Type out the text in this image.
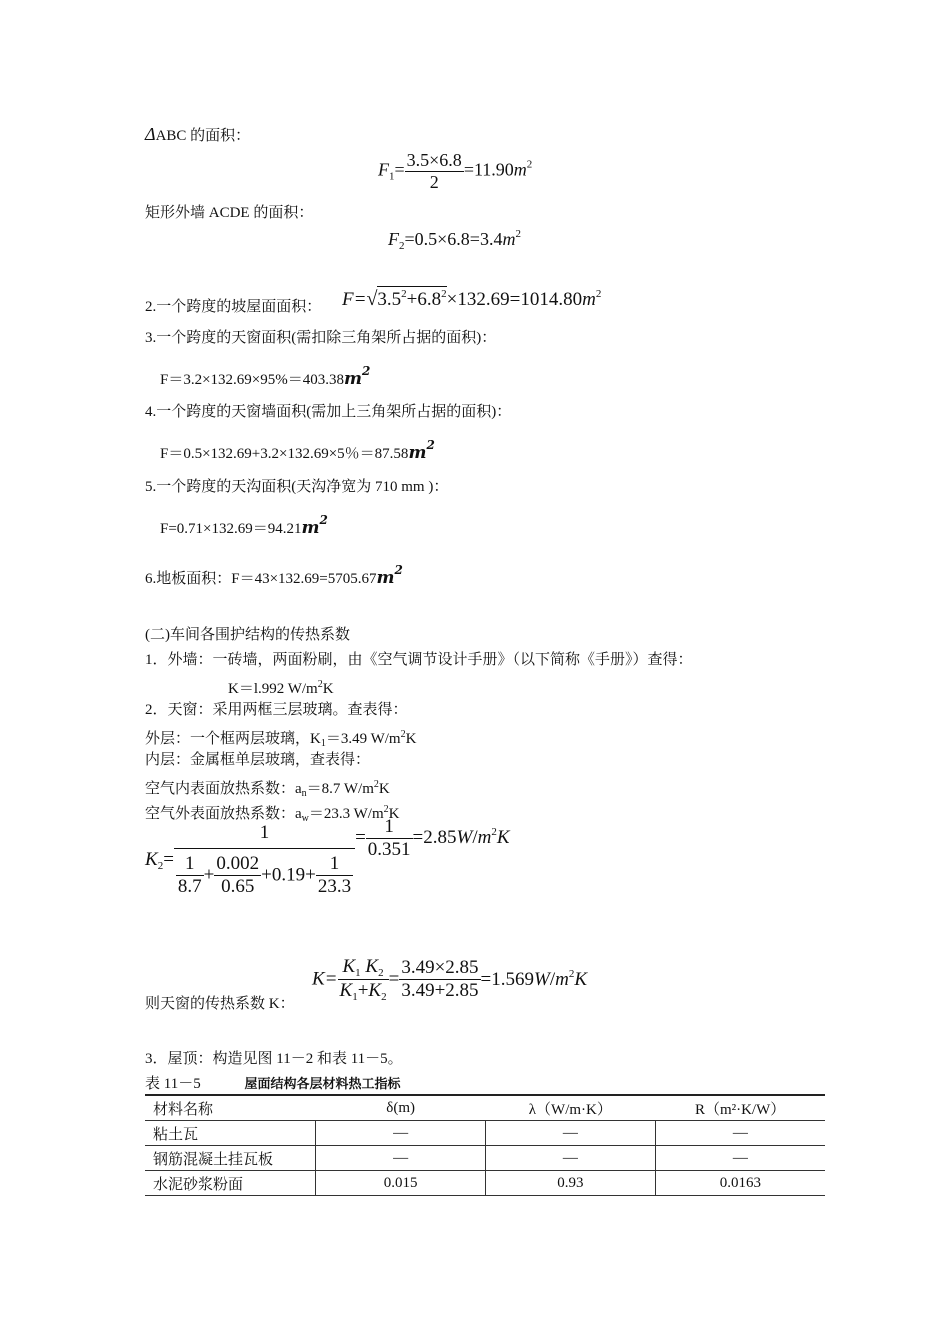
ΔABC 的面积：
$F_1= \frac{3.5\times 6.8}{2} =11.90m^2$
矩形外墙 ACDE 的面积：
$F_2=0.5\times 6.8=3.4m^2$
2.一个跨度的坡屋面面积： $F=√3.5^2+6.8^2\times 132.69=1014.80m^2$
3.一个跨度的天窗面积(需扣除三角架所占据的面积)：
$F=3.2\times 132.69\times 95\%=403.38m^2$
4.一个跨度的天窗墙面积(需加上三角架所占据的面积)：
F＝0.5×132.69+3.2×132.69×5％$=87.58m^2$
5.一个跨度的天沟面积(天沟净宽为 710 mm )：
$F=0.71\times 132.69=94.21m^2$
6.地板面积：$F=43\times 132.69=5705.67m^2$
(二)车间各围护结构的传热系数
1．外墙：一砖墙，两面粉刷，由《空气调节设计手册》（以下简称《手册》）查得：
K＝l.992 $W/m^2K$
2．天窗：采用两框三层玻璃。查表得：
外层：一个框两层玻璃，$K_1=3.49$ $W/m^2K$
内层：金属框单层玻璃，查表得：
空气内表面放热系数：$a_n=8.7$ $W/m^2K$
空气外表面放热系数：$a_w=23.3$ $W/m^2K$
$K_2= \frac{1}{\frac{1}{8.7} + \frac{0.002}{0.65} +0.19+ \frac{1}{23.3}} = \frac{1}{0.351} =2.85W/m^2K$
则天窗的传热系数 K：
$K= \frac{K_1 K_2}{K_1+K_2} = \frac{3.49\times 2.85}{3.49+2.85} =1.569W/m^2K$
3．屋顶：构造见图 11－2 和表 11－5。
表 11－5	屋面结构各层材料热工指标
材料名称	δ(m)	λ（W/m·K）	R（m²·K/W）
粘土瓦	—	—	—
钢筋混凝土挂瓦板	—	—	—
水泥砂浆粉面	0.015	0.93	0.0163
